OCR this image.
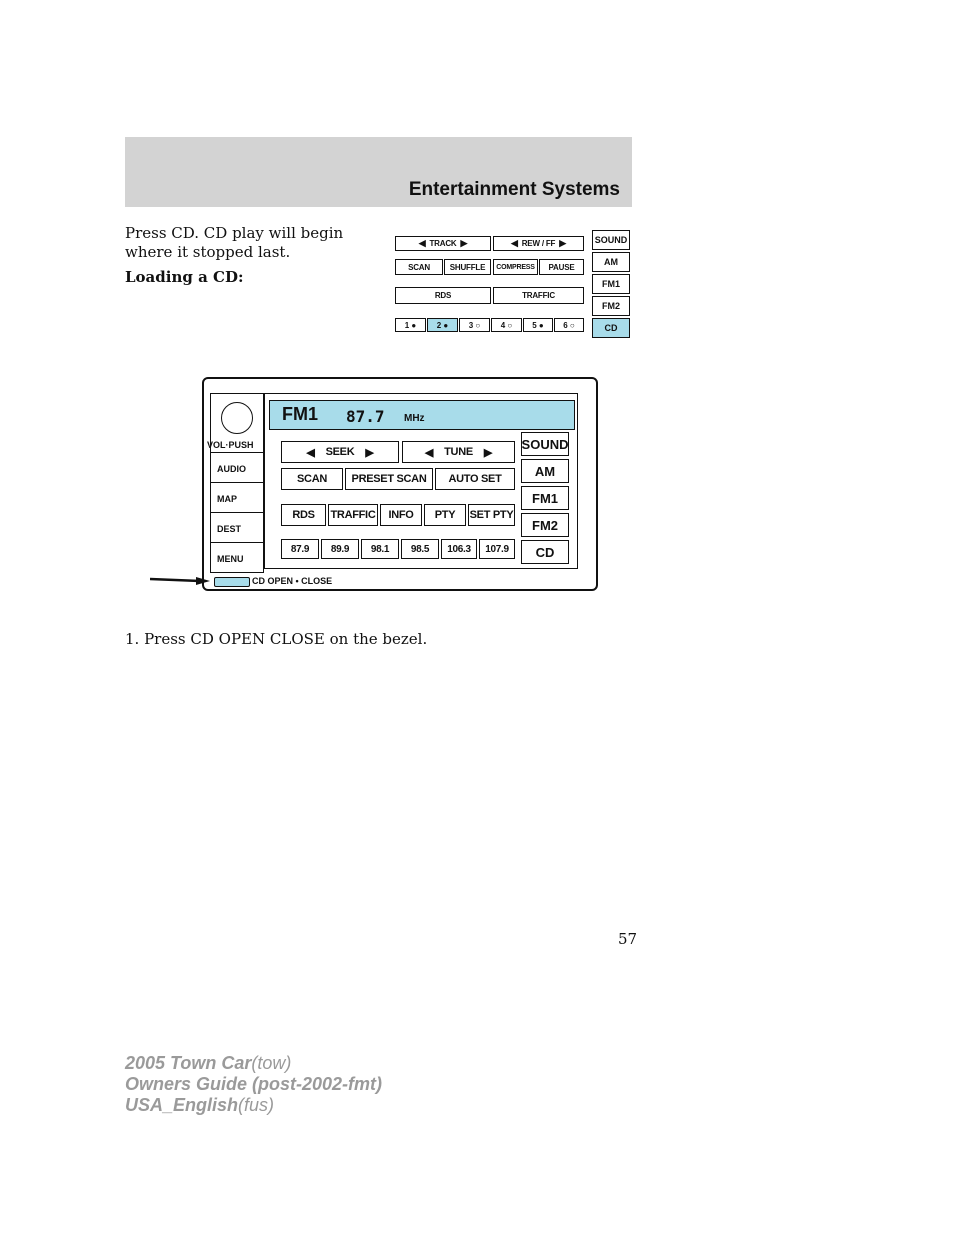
Entertainment Systems
Press CD. CD play will begin where it stopped last.
Loading a CD:
◀
TRACK
▶	◀
REW / FF
▶
SCAN	SHUFFLE	COMPRESS	PAUSE
RDS	TRAFFIC
1
●	2
●	3
○	4
○ 5
● 6
○
SOUND
AM
FM1
FM2
CD
VOL·PUSH
AUDIO
MAP
DEST
MENU
FM1 87.7 MHz
◀
SEEK
▶	◀
TUNE
▶
SCAN	PRESET SCAN	AUTO SET
RDS	TRAFFIC	INFO	PTY	SET PTY
87.9	89.9	98.1	98.5	106.3	107.9
SOUND
AM
FM1
FM2
CD
CD OPEN • CLOSE
1. Press CD OPEN CLOSE on the bezel.
57
2005 Town Car(tow)
Owners Guide (post-2002-fmt)
USA_English(fus)
